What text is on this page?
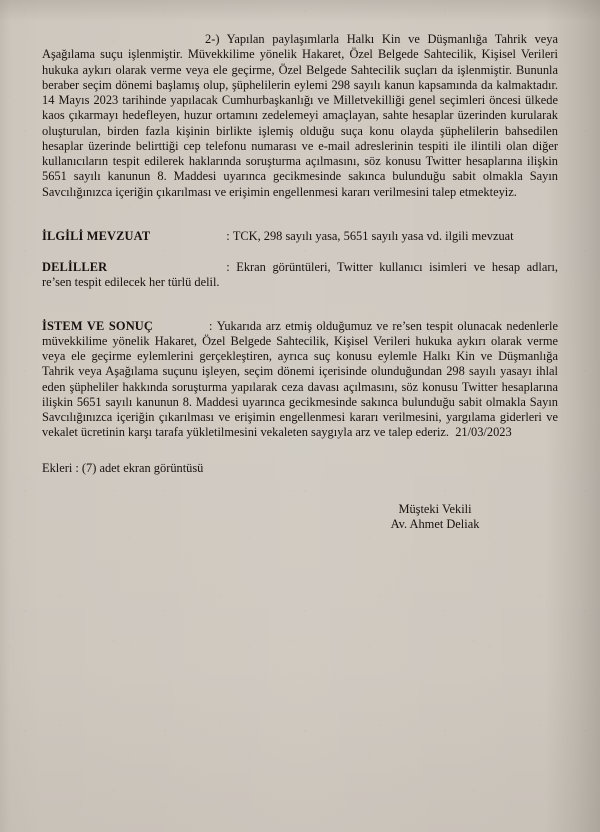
2-) Yapılan paylaşımlarla Halkı Kin ve Düşmanlığa Tahrik veya Aşağılama suçu işlenmiştir. Müvekkilime yönelik Hakaret, Özel Belgede Sahtecilik, Kişisel Verileri hukuka aykırı olarak verme veya ele geçirme, Özel Belgede Sahtecilik suçları da işlenmiştir. Bununla beraber seçim dönemi başlamış olup, şüphelilerin eylemi 298 sayılı kanun kapsamında da kalmaktadır. 14 Mayıs 2023 tarihinde yapılacak Cumhurbaşkanlığı ve Milletvekilliği genel seçimleri öncesi ülkede kaos çıkarmayı hedefleyen, huzur ortamını zedelemeyi amaçlayan, sahte hesaplar üzerinden kurularak oluşturulan, birden fazla kişinin birlikte işlemiş olduğu suça konu olayda şüphelilerin bahsedilen hesaplar üzerinde belirttiği cep telefonu numarası ve e-mail adreslerinin tespiti ile ilintili olan diğer kullanıcıların tespit edilerek haklarında soruşturma açılmasını, söz konusu Twitter hesaplarına ilişkin 5651 sayılı kanunun 8. Maddesi uyarınca gecikmesinde sakınca bulunduğu sabit olmakla Sayın Savcılığınızca içeriğin çıkarılması ve erişimin engellenmesi kararı verilmesini talep etmekteyiz.

İLGİLİ MEVZUAT	: TCK, 298 sayılı yasa, 5651 sayılı yasa vd. ilgili mevzuat

DELİLLER	: Ekran görüntüleri, Twitter kullanıcı isimleri ve hesap adları, re’sen tespit edilecek her türlü delil.

İSTEM VE SONUÇ	: Yukarıda arz etmiş olduğumuz ve re’sen tespit olunacak nedenlerle müvekkilime yönelik Hakaret, Özel Belgede Sahtecilik, Kişisel Verileri hukuka aykırı olarak verme veya ele geçirme eylemlerini gerçekleştiren, ayrıca suç konusu eylemle Halkı Kin ve Düşmanlığa Tahrik veya Aşağılama suçunu işleyen, seçim dönemi içerisinde olunduğundan 298 sayılı yasayı ihlal eden şüpheliler hakkında soruşturma yapılarak ceza davası açılmasını, söz konusu Twitter hesaplarına ilişkin 5651 sayılı kanunun 8. Maddesi uyarınca gecikmesinde sakınca bulunduğu sabit olmakla Sayın Savcılığınızca içeriğin çıkarılması ve erişimin engellenmesi kararı verilmesini, yargılama giderleri ve vekalet ücretinin karşı tarafa yükletilmesini vekaleten saygıyla arz ve talep ederiz. 21/03/2023

Ekleri : (7) adet ekran görüntüsü

Müşteki Vekili
Av. Ahmet Deliak
